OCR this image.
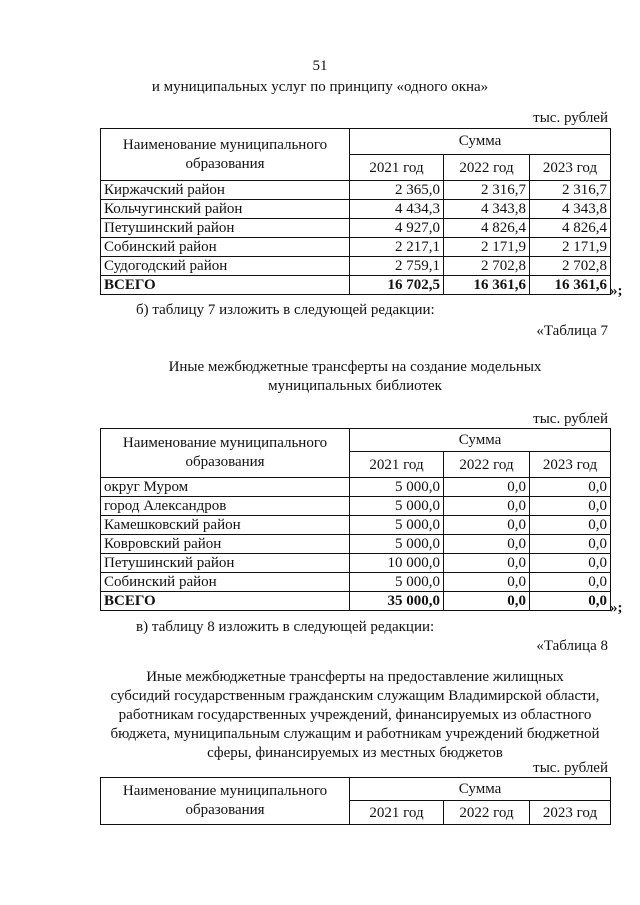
51
и муниципальных услуг по принципу «одного окна»
тыс. рублей
Наименование муниципального образования	Сумма		
	2021 год	2022 год	2023 год
Киржачский район	2 365,0	2 316,7	2 316,7
Кольчугинский район	4 434,3	4 343,8	4 343,8
Петушинский район	4 927,0	4 826,4	4 826,4
Собинский район	2 217,1	2 171,9	2 171,9
Судогодский район	2 759,1	2 702,8	2 702,8
ВСЕГО	16 702,5	16 361,6	16 361,6 »;
б) таблицу 7 изложить в следующей редакции:
«Таблица 7
Иные межбюджетные трансферты на создание модельных
муниципальных библиотек
тыс. рублей
Наименование муниципального образования	Сумма		
	2021 год	2022 год	2023 год
округ Муром	5 000,0	0,0	0,0
город Александров	5 000,0	0,0	0,0
Камешковский район	5 000,0	0,0	0,0
Ковровский район	5 000,0	0,0	0,0
Петушинский район	10 000,0	0,0	0,0
Собинский район	5 000,0	0,0	0,0
ВСЕГО	35 000,0	0,0	0,0 »;
в) таблицу 8 изложить в следующей редакции:
«Таблица 8
Иные межбюджетные трансферты на предоставление жилищных
субсидий государственным гражданским служащим Владимирской области,
работникам государственных учреждений, финансируемых из областного
бюджета, муниципальным служащим и работникам учреждений бюджетной
сферы, финансируемых из местных бюджетов
тыс. рублей
Наименование муниципального образования	Сумма		
	2021 год	2022 год	2023 год
